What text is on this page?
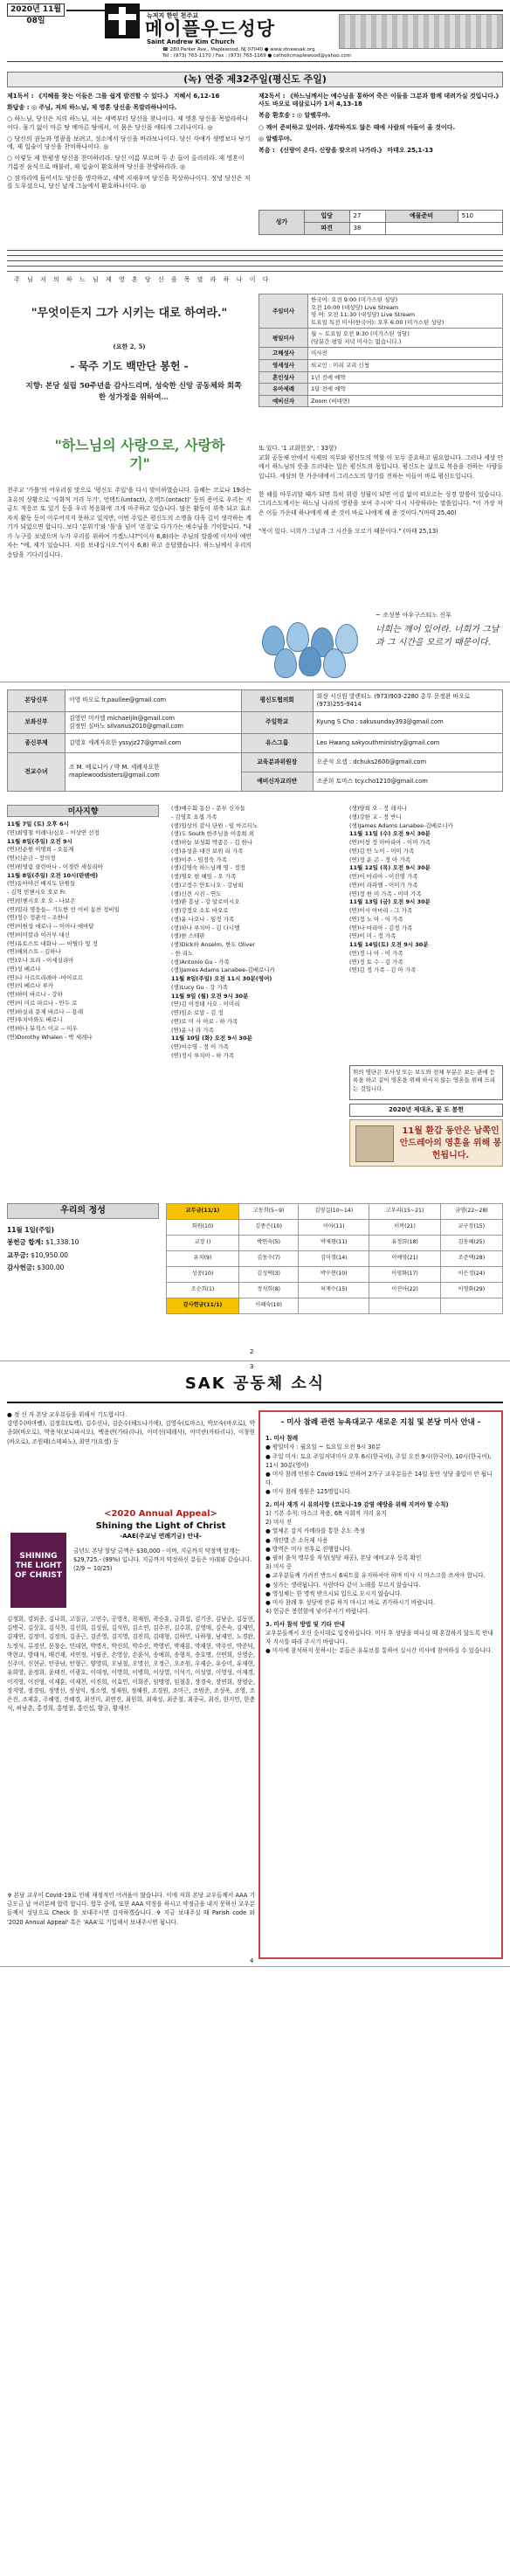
2020년 11월 08일
뉴저지 한인 천주교
메이플우드성당
Saint Andrew Kim Church
☎ 280 Parker Ave., Maplewood, NJ 07040 ● www.stnewsak.org
Tel : (973) 763-1170 / Fax : (973) 763-1169 ● catholicmaplewood@yahoo.com
(녹) 연중 제32주일(평신도 주일)

제1독서 : 《지혜를 찾는 이들은 그를 쉽게 발견할 수 있다.》 지혜서 6,12-16

화답송 : ◎ 주님, 저의 하느님, 제 영혼 당신을 목말라하나이다.

○ 하느님, 당신은 저의 하느님, 저는 새벽부터 당신을 찾나이다. 제 영혼 당신을 목말라하나이다. 물기 없이 마른 땅 메마른 땅에서, 이 몸은 당신을 애타게 그리나이다. ◎

○ 당신의 권능과 영광을 보려고, 성소에서 당신을 바라보나이다. 당신 자애가 생명보다 낫기에, 제 입술이 당신을 찬미하나이다. ◎

○ 이렇듯 제 한평생 당신을 찬미하리라. 당신 이름 부르며 두 손 들어 올리리라. 제 영혼이 기름진 음식으로 배불러, 제 입술이 환호하며 당신을 찬양하리라. ◎

○ 잠자리에 들어서도 당신을 생각하고, 새벽 지새우며 당신을 묵상하나이다. 정녕 당신은 저를 도우셨으니, 당신 날개 그늘에서 환호하나이다. ◎

제2독서 : 《하느님께서는 예수님을 통하여 죽은 이들을 그분과 함께 데려가실 것입니다.》 사도 바오로 테살로니카 1서 4,13-18

복음 환호송 : ◎ 알렐루야.

○ 깨어 준비하고 있어라. 생각하지도 않은 때에 사람의 아들이 올 것이다.

◎ 알렐루야.

복음 : 《신랑이 온다. 신랑을 맞으러 나가라.》 마태오 25,1-13

성가	입당	27	예물준비	510
	파견	38		
주 님 저 의 하 느 님 제 영 혼 당 신 을 목 말 라 하 나 이 다
"무엇이든지 그가 시키는 대로 하여라."
(요한 2, 5)
- 묵주 기도 백만단 봉헌 -
지향: 본당 설립 50주년을 감사드리며, 성숙한 신앙 공동체와 회쪽한 성가정을 위하여…
주일미사	한국어: 오전 9:00 (미가스틴 성당)
오전 10:00 (대성당) Live Stream
영 어: 오전 11:30 (대성당) Live Stream
토요일 특전 미사(한국어): 오후 6:00 (미가스틴 성당)
평일미사	월 ~ 토요일 오전 9:30 (미가스틴 성당)
(당분간 평일 저녁 미사는 없습니다.)
고해성사	미사전
영세성사	외교인 : 미리 교리 신청
혼인성사	1년 전에 예약
유아세례	1달 전에 예약
예비신자	Zoom (비대면)
"하느님의 사랑으로, 사랑하기"
천주교 '가톨'의 어우러짐 맛으로 '평신도 주일'을 다시 맞이하였습니다. 올해는 코로나 19라는 초유의 상황으로 '사회적 거리 두기', 언택트(untact), 온택트(ontact)' 등의 용어로 우리는 지금도 적응코 또 있기 등을 우리 복음화에 크게 마주하고 있습니다. 많은 활동이 위축 되고 효소자치 활동 등이 이루어지지 못하고 있지만, 이번 주일은 평신도의 소명을 더욱 깊이 생각하는 계기가 되었으면 합니다. 보다 '분위기'와 '틀'을 넘어 '본질'로 다가가는 예수님을 기억합니다. "내가 누구를 보냈으며 누가 우리를 위하여 가겠느냐?"(이사 6,8)라는 주님의 말씀에 이사야 예언자는 "예, 제가 있습니다. 저를 보내십시오."(이사 6,8) 하고 응답했습니다. 하느님께서 우리의 응답을 기다리십니다.
또 있다. '1 교회헌장', : 33항)
교회 공동체 안에서 사제의 직무와 평신도의 역할 이 모두 중요하고 필요합니다. 그러나 세상 안에서 하느님의 뜻을 드러내는 일은 평신도의 몫입니다. 평신도는 삶으로 복음을 전하는 사람들입니다. 세상의 한 가운데에서 그리스도의 향기를 전하는 이들이 바로 평신도입니다.

한 해를 마무리할 때가 되면 특히 위령 성월이 되면 어김 없이 떠오르는 성경 말씀이 있습니다. '그리스도께서는 하느님 나라의 영광을 보여 주시며' 다시 사랑하라는 말씀입니다. "이 가장 작은 이들 가운데 하나에게 해 준 것이 바로 나에게 해 준 것이다."(마태 25,40)

"복이 있다. 너희가 그날과 그 시간을 모르기 때문이다." (마태 25,13)
~ 조성봉 아우구스티노 신부
너희는 깨어 있어라. 너희가 그날과 그 시간을 모르기 때문이다.
본당신부	이영 바오로 fr.paullee@gmail.com	평신도협의회	회장 서신원 발렌티노 (973)903-2280 총무 문정완 바오로 (973)255-9414
보좌신부	김영인 미카엘 michaeljin@gmail.com
김정민 실바노 silvanus2010@gmail.com	주일학교	Kyung S Cho : sakusunday393@gmail.com
종신부제	김영호 세례자요한 yssyjz27@gmail.com	유스그룹	Leo Hwang sakyouthministry@gmail.com
전교수녀	조 M. 베로니카 / 박 M. 세례자요한 maplewoodsisters@gmail.com	교육분과위원장	오준석 요셉 : dchuks2600@gmail.com
		예비신자교리반	조준희 토마스 tcy.cho1210@gmail.com
미사지향
11월 7일 (토) 오후 6시
(연)최명철 이레나/심오 - 이상연 선정
11월 8일(주일) 오전 9시
(연)진순원 이명희 - 오동재
(연)신순금 - 장의정
(연)원영림 클린아나 - 이경란 세실리아
11월 8일(주일) 오전 10시(판텐에)
(연)동아야건 배지도 단원들
- 김혁 빈첸시오 오로 Fr.
(연)빈첸시오 오 오 - 나보은
(연)밀라 영웅들-- 기도한 인 이비 동찬 정비일
(연)정수 정관석 - 조한나
(연)이원성 에로나 -- 이아나 애마달
(연)이미칼라 이러부 대신
(연)유토스트 대화나 --- 마틸다 및 정
(연)해외스트 - 김하나
(연)오나 요리 - 이세실리아
(연)성 베르나
(연)나 사르트리레아 -마이로르
(연)의 베르나 루카
(연)하미 바르나 - 강하
(연)이 미르 파르나 - 안두 로
(연)하실리 문제 바르나 -- 용래
(연)루치아와도 베로니
(연)하나 뮤직스 이코 -- 미우
(연)Dorothy Whalen - 박 세레나
(생)예수회 동산 - 문부 신자들
- 김영호 요셉 가족
(생)일상의 감사 단원 - 임 마르티노
(생)도 South 한주님을 이종희 외
(생)하늘 보성회 박종은 - 김 한나
(생)유성훈 대건 보위 리 가족
(생)이주 - 임정숙 가족
(생)김영숙 하느님께 영 - 정정
(생)명오 현 해일 - 오 가족
(생)고정수 안토니오 - 강남희
(생)신전 시진 - 연도
(생)환 흥남 - 강 알로이시오
(생)강정오 소토 바오로
(생)윤 나오나 - 임정 가족
(생)하나 루치아 - 김 다니엘
(생)한 스테판
(생)Dick하 Anselm, 한도 Oliver
- 한 리노
(생)Antonio Gu - 가족
(생)James Adams Lanabee-김베로니카
11월 8일(주일) 오전 11시 30분(영어)
(생)Lucy Gu - 강 가족
11월 9일 (월) 오전 9시 30분
(연)김 이정태 사오 - 이미리
(연)임소 로알 - 김 정
(연)로 미 사 아로 - 하 가족
(연)윤 나 라 가족
11월 10일 (화) 오전 9시 30분
(연)이수영 - 정 이 가족
(연)정시 루치아 - 하 가족
(생)양희 오 - 정 레지나
(생)강한 교 - 정 반니
(생)James Adams Lanabee-김베로니카
11월 11일 (수) 오전 9시 30분
(연)이창 정 아마리아 - 이미 가족
(연)김 안 노이 - 이미 가족
(연)정 운 곤 - 정 아 가족
11월 12일 (목) 오전 9시 30분
(연)이 마리아 - 이진영 가족
(연)이 라파엘 - 이미가 가족
(연)정 한 미 가족 - 이미 가족
11월 13일 (금) 오전 9시 30분
(연)이시 아마리 - 그 가족
(연)정 노 아 - 이 가족
(연)나 마리아 - 김정 가족
(연)이 미 - 정 가족
11월 14일(토) 오전 9시 30분
(연)정 나 아 - 이 가족
(연)정 토 수 - 김 가족
(연)김 정 가족 - 김 아 가족
위의 명단은 오사성 또는 보도와 전체 부분은 보는 관에 등록을 하고 같이 영혼을 위해 하시지 않는 영혼들 위해 드리는 것입니다.
2020년 제대초, 꽃 도 봉헌
11월 환갑 동안은 남쪽인 안드레아의 영혼을 위해 봉헌됩니다.
우리의 정성
11월 1일(주일)
봉헌금 합계: $1,338.10
교무금: $10,950.00
감사헌금: $300.00
교무금(11/1)	고동희(5~9)	김영길(10~14)	고우리(15~21)	금영(22~28)
회원(10)	김종은(10)	이아(11)	이복(21)	교구장(15)
교장 ()	박연숙(5)	박재형(11)	유정희(18)	김동혜(25)
유치(9)	김동수(7)	김미경(14)	이예영(21)	조준택(28)
성중(10)	김성택(3)	박수현(10)	이영화(17)	이은정(24)
조순희(1)	정석희(8)	허재수(15)	이진아(22)	이영화(29)
감사헌금(11/1)	이혜숙(10)			
2
SAK 공동체 소식
● 정 신 자 본당 교우분들을 위해서 기도합시다.
강영수(바마벨), 김정호(토렉), 김수선나, 김순수(헤드나가에), 김영숙(토마스), 박모숙(바오로), 박종화(바오로), 박용석(보니파시오), 백용란(가타리나), 이미선(데레사), 이미란(카타리나), 이창원(바오로), 조원태(스테파노), 최연기(요셉) 등
<2020 Annual Appeal>
Shining the Light of Christ
-AAE(주교님 연례기금) 안내-
SHINING THE LIGHT OF CHRIST
금년도 본당 할당 금액은 $30,000 - 이며, 지금까지 약정액 합계는 $29,725.- (99%) 입니다. 지금까지 약정하신 분들은 아래와 같습니다. (2/9 ~ 10/25)
김정회, 강외종, 김나희, 고칠규, 고연수, 공영옥, 곽재원, 곽승훈, 금희섭, 김기종, 김남순, 김동현, 김병국, 김상호, 김석천, 김선희, 김성림, 김석원, 김소연, 김수진, 김수희, 김영매, 김은숙, 김재민, 김재연, 김정미, 김정의, 김종근, 김준영, 김지영, 김진희, 김태형, 김하민, 나하형, 남재인, 노경완, 도정석, 류경선, 문창순, 민대현, 박명옥, 박선희, 박수산, 박영빈, 박재룡, 박재현, 박주인, 박준덕, 박현교, 방태석, 배건재, 서연정, 서필준, 손영상, 손윤석, 송예희, 송형직, 송호명, 신연희, 신영순, 신주미, 신현균, 안종남, 안형근, 양영희, 오남철, 오명선, 오정근, 오조원, 우제순, 유승미, 유재현, 유희영, 윤정희, 윤태진, 이광호, 이대정, 이명희, 이병희, 이상열, 이석기, 이성열, 이영성, 이재경, 이지영, 이진형, 이재훈, 이재천, 이진희, 이효민, 이회준, 임명영, 임철흥, 장경숙, 장연희, 장영순, 장지영, 정경임, 정명선, 정성익, 정소영, 정재원, 정혜원, 조경원, 조미근, 조범준, 조성욱, 조영, 조은진, 조제훈, 주혜영, 진혜경, 최선미, 최연진, 최원희, 최재성, 최준철, 최종국, 최진, 한지민, 한충석, 허남춘, 홍경희, 홍명철, 홍인섭, 황규, 황재선.
✞ 본당 교우이 Covid-19로 인해 재정적인 어려움이 많습니다. 이에 저희 본당 교우들께서 AAA 기금모금 납 여러분께 합력 합니다. 합무 중에, 또한 AAA 약정을 하시고 약정금을 내지 못하신 교우분들께서 성당으로 Check 를 보내주시면 감사하겠습니다. ✞ 지금 보내주실 때 Parish code 와 '2020 Annual Appeal' 혹은 'AAA'로 기입해서 보내주시면 됩니다.
- 미사 참례 관련 뉴욕대교구 새로운 지침 및 본당 미사 안내 -
1. 미사 참례
● 평일미사 : 월요일 ~ 토요일 오전 9시 30분
● 주일 미사: 토요 주일저녁미사 오후 6시(한국어), 주일 오전 9시(한국어), 10시(한국어), 11시 30분(영어)
● 미사 참례 인원수 Covid-19로 인하여 2가구 교우분들은 14일 동안 성당 출입이 안 됩니다.
● 미사 참례 정원은 125명입니다.
2. 미사 재개 시 유의사항 (코로나-19 감염 예방을 위해 지켜야 할 수칙)
1) 기본 수칙: 마스크 착용, 6ft 사회적 거리 유지
2) 미사 전
● 열체온 감지 카메라를 통한 온도 측정
● 개인별 손 소독제 사용
● 방역은 미사 전후로 진행합니다.
● 필히 출석 명부를 작성(성당 제공), 본당 예비교우 등록 확인
3) 미사 중
● 교우분들께 가려진 반드시 6피트를 유지하셔야 하며 미사 시 마스크를 쓰셔야 합니다.
● 성가는 생략됩니다. 사람마다 같이 노래를 부르지 않습니다.
● 영성체는 한 명씩 받으시되 입으로 모시지 않습니다.
● 미사 참례 후 성당에 잔류 하지 마시고 바로 귀가하시기 바랍니다.
4) 헌금은 봉헌함에 넣어주시기 바랍니다.
3. 미사 참석 방법 및 기타 안내
교우분들께서 오신 순서대로 입장하십니다. 미사 후 성당을 떠나실 때 혼잡하지 않도록 안내자 지시를 따라 주시기 바랍니다.
● 미사에 참석하지 못하시는 분들은 유튜브를 통하여 실시간 미사에 참여하실 수 있습니다.
3
4
